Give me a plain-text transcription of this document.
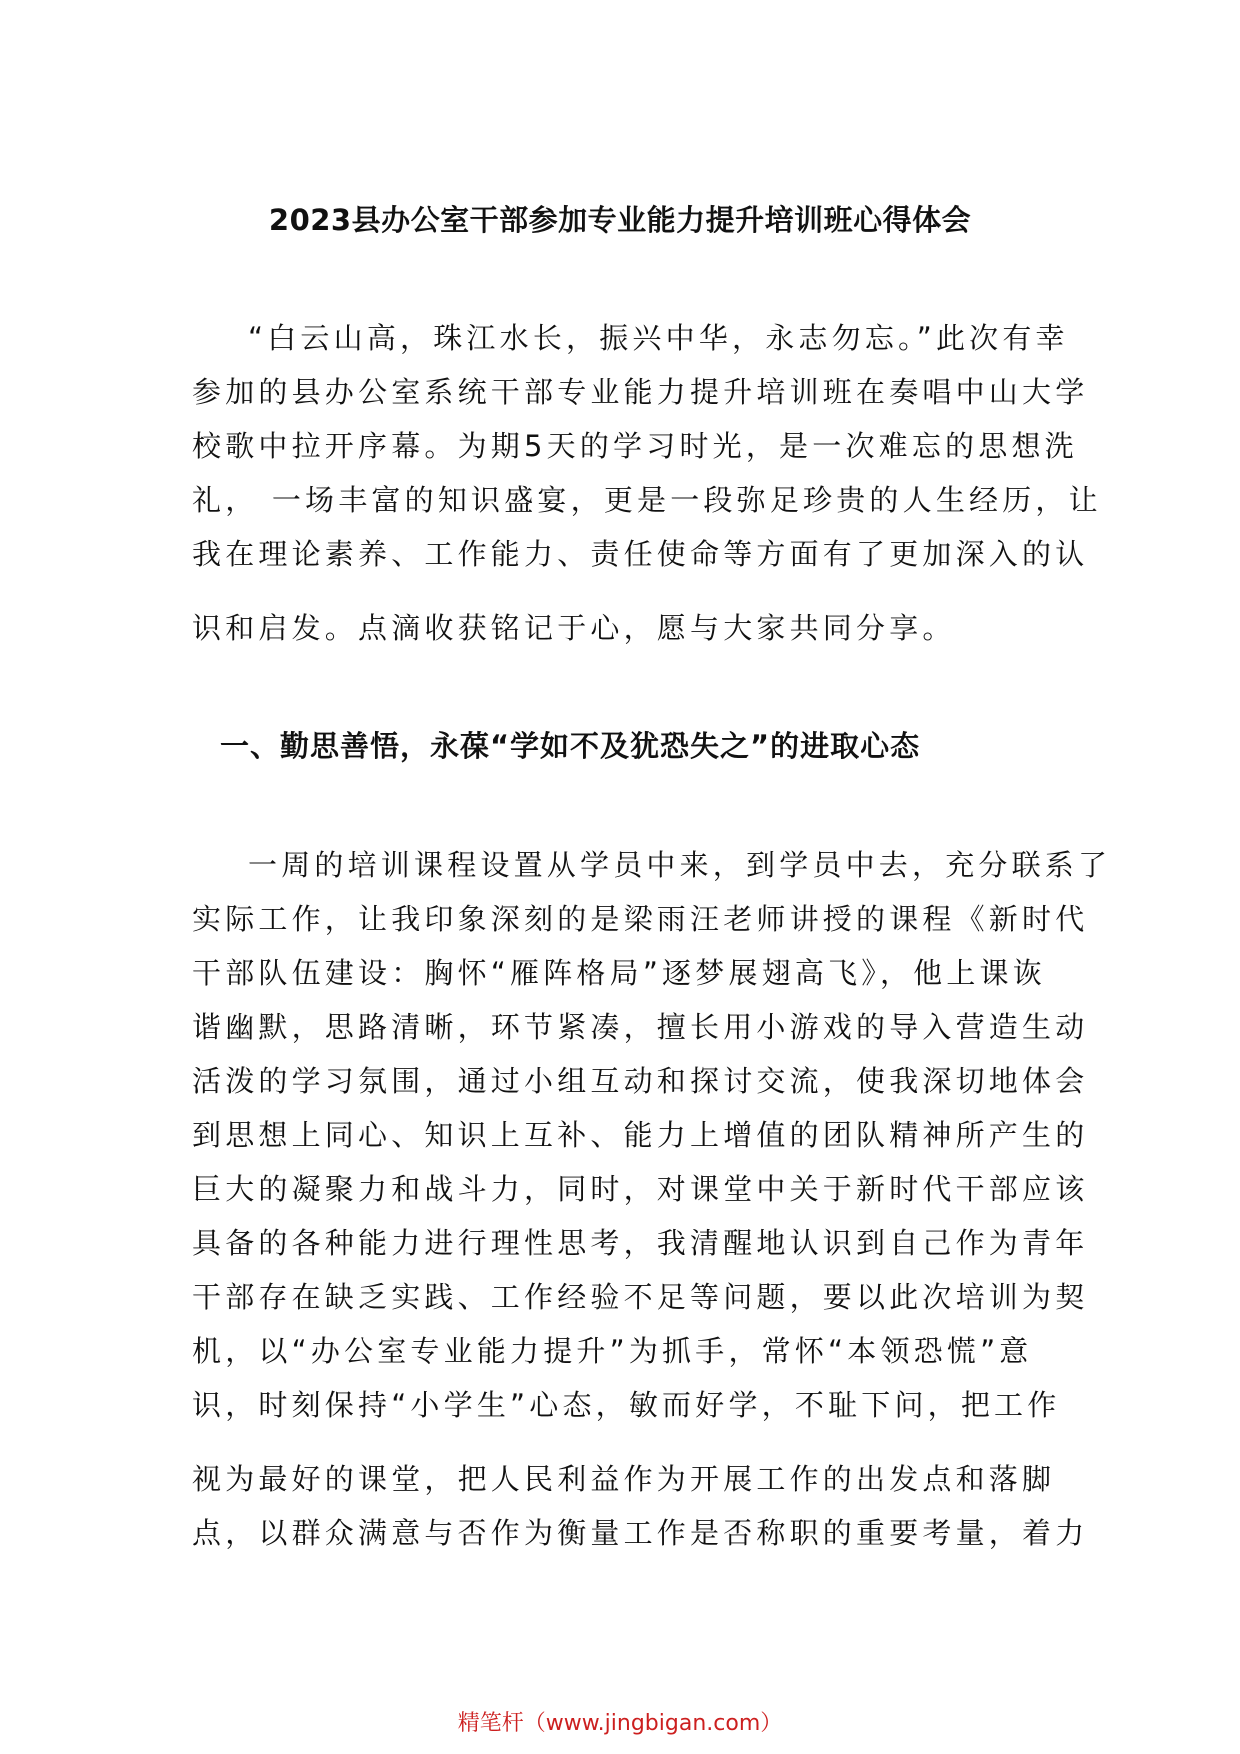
2023县办公室干部参加专业能力提升培训班心得体会
“白云山高，珠江水长，振兴中华，永志勿忘。”此次有幸
参加的县办公室系统干部专业能力提升培训班在奏唱中山大学
校歌中拉开序幕。为期5天的学习时光，是一次难忘的思想洗
礼， 一场丰富的知识盛宴，更是一段弥足珍贵的人生经历，让
我在理论素养、工作能力、责任使命等方面有了更加深入的认
识和启发。点滴收获铭记于心，愿与大家共同分享。
一、勤思善悟，永葆“学如不及犹恐失之”的进取心态
一周的培训课程设置从学员中来，到学员中去，充分联系了
实际工作，让我印象深刻的是梁雨汪老师讲授的课程《新时代
干部队伍建设：胸怀“雁阵格局”逐梦展翅高飞》，他上课诙
谐幽默，思路清晰，环节紧凑，擅长用小游戏的导入营造生动
活泼的学习氛围，通过小组互动和探讨交流，使我深切地体会
到思想上同心、知识上互补、能力上增值的团队精神所产生的
巨大的凝聚力和战斗力，同时，对课堂中关于新时代干部应该
具备的各种能力进行理性思考，我清醒地认识到自己作为青年
干部存在缺乏实践、工作经验不足等问题，要以此次培训为契
机，以“办公室专业能力提升”为抓手，常怀“本领恐慌”意
识，时刻保持“小学生”心态，敏而好学，不耻下问，把工作
视为最好的课堂，把人民利益作为开展工作的出发点和落脚
点，以群众满意与否作为衡量工作是否称职的重要考量，着力
精笔杆（www.jingbigan.com）
